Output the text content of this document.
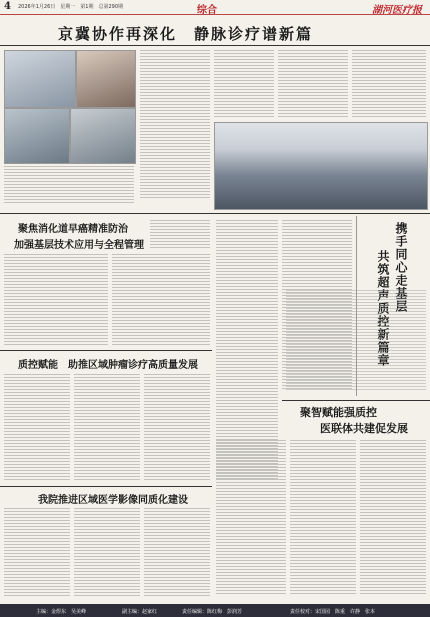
4 2026年1月26日　星期一　第1期　总第290期	综合	湖河医疗报
京冀协作再深化　静脉诊疗谱新篇
聚焦消化道早癌精准防治
加强基层技术应用与全程管理
质控赋能　助推区域肿瘤诊疗高质量发展
携手同心走基层
共筑超声质控新篇章
聚智赋能强质控
医联体共建促发展
我院推进区域医学影像同质化建设
主编：金煜东　吴美峰	副主编：赵家红	责任编辑：陈红梅　彭润芳	责任校对：宋国园　陈重　许静　张本
